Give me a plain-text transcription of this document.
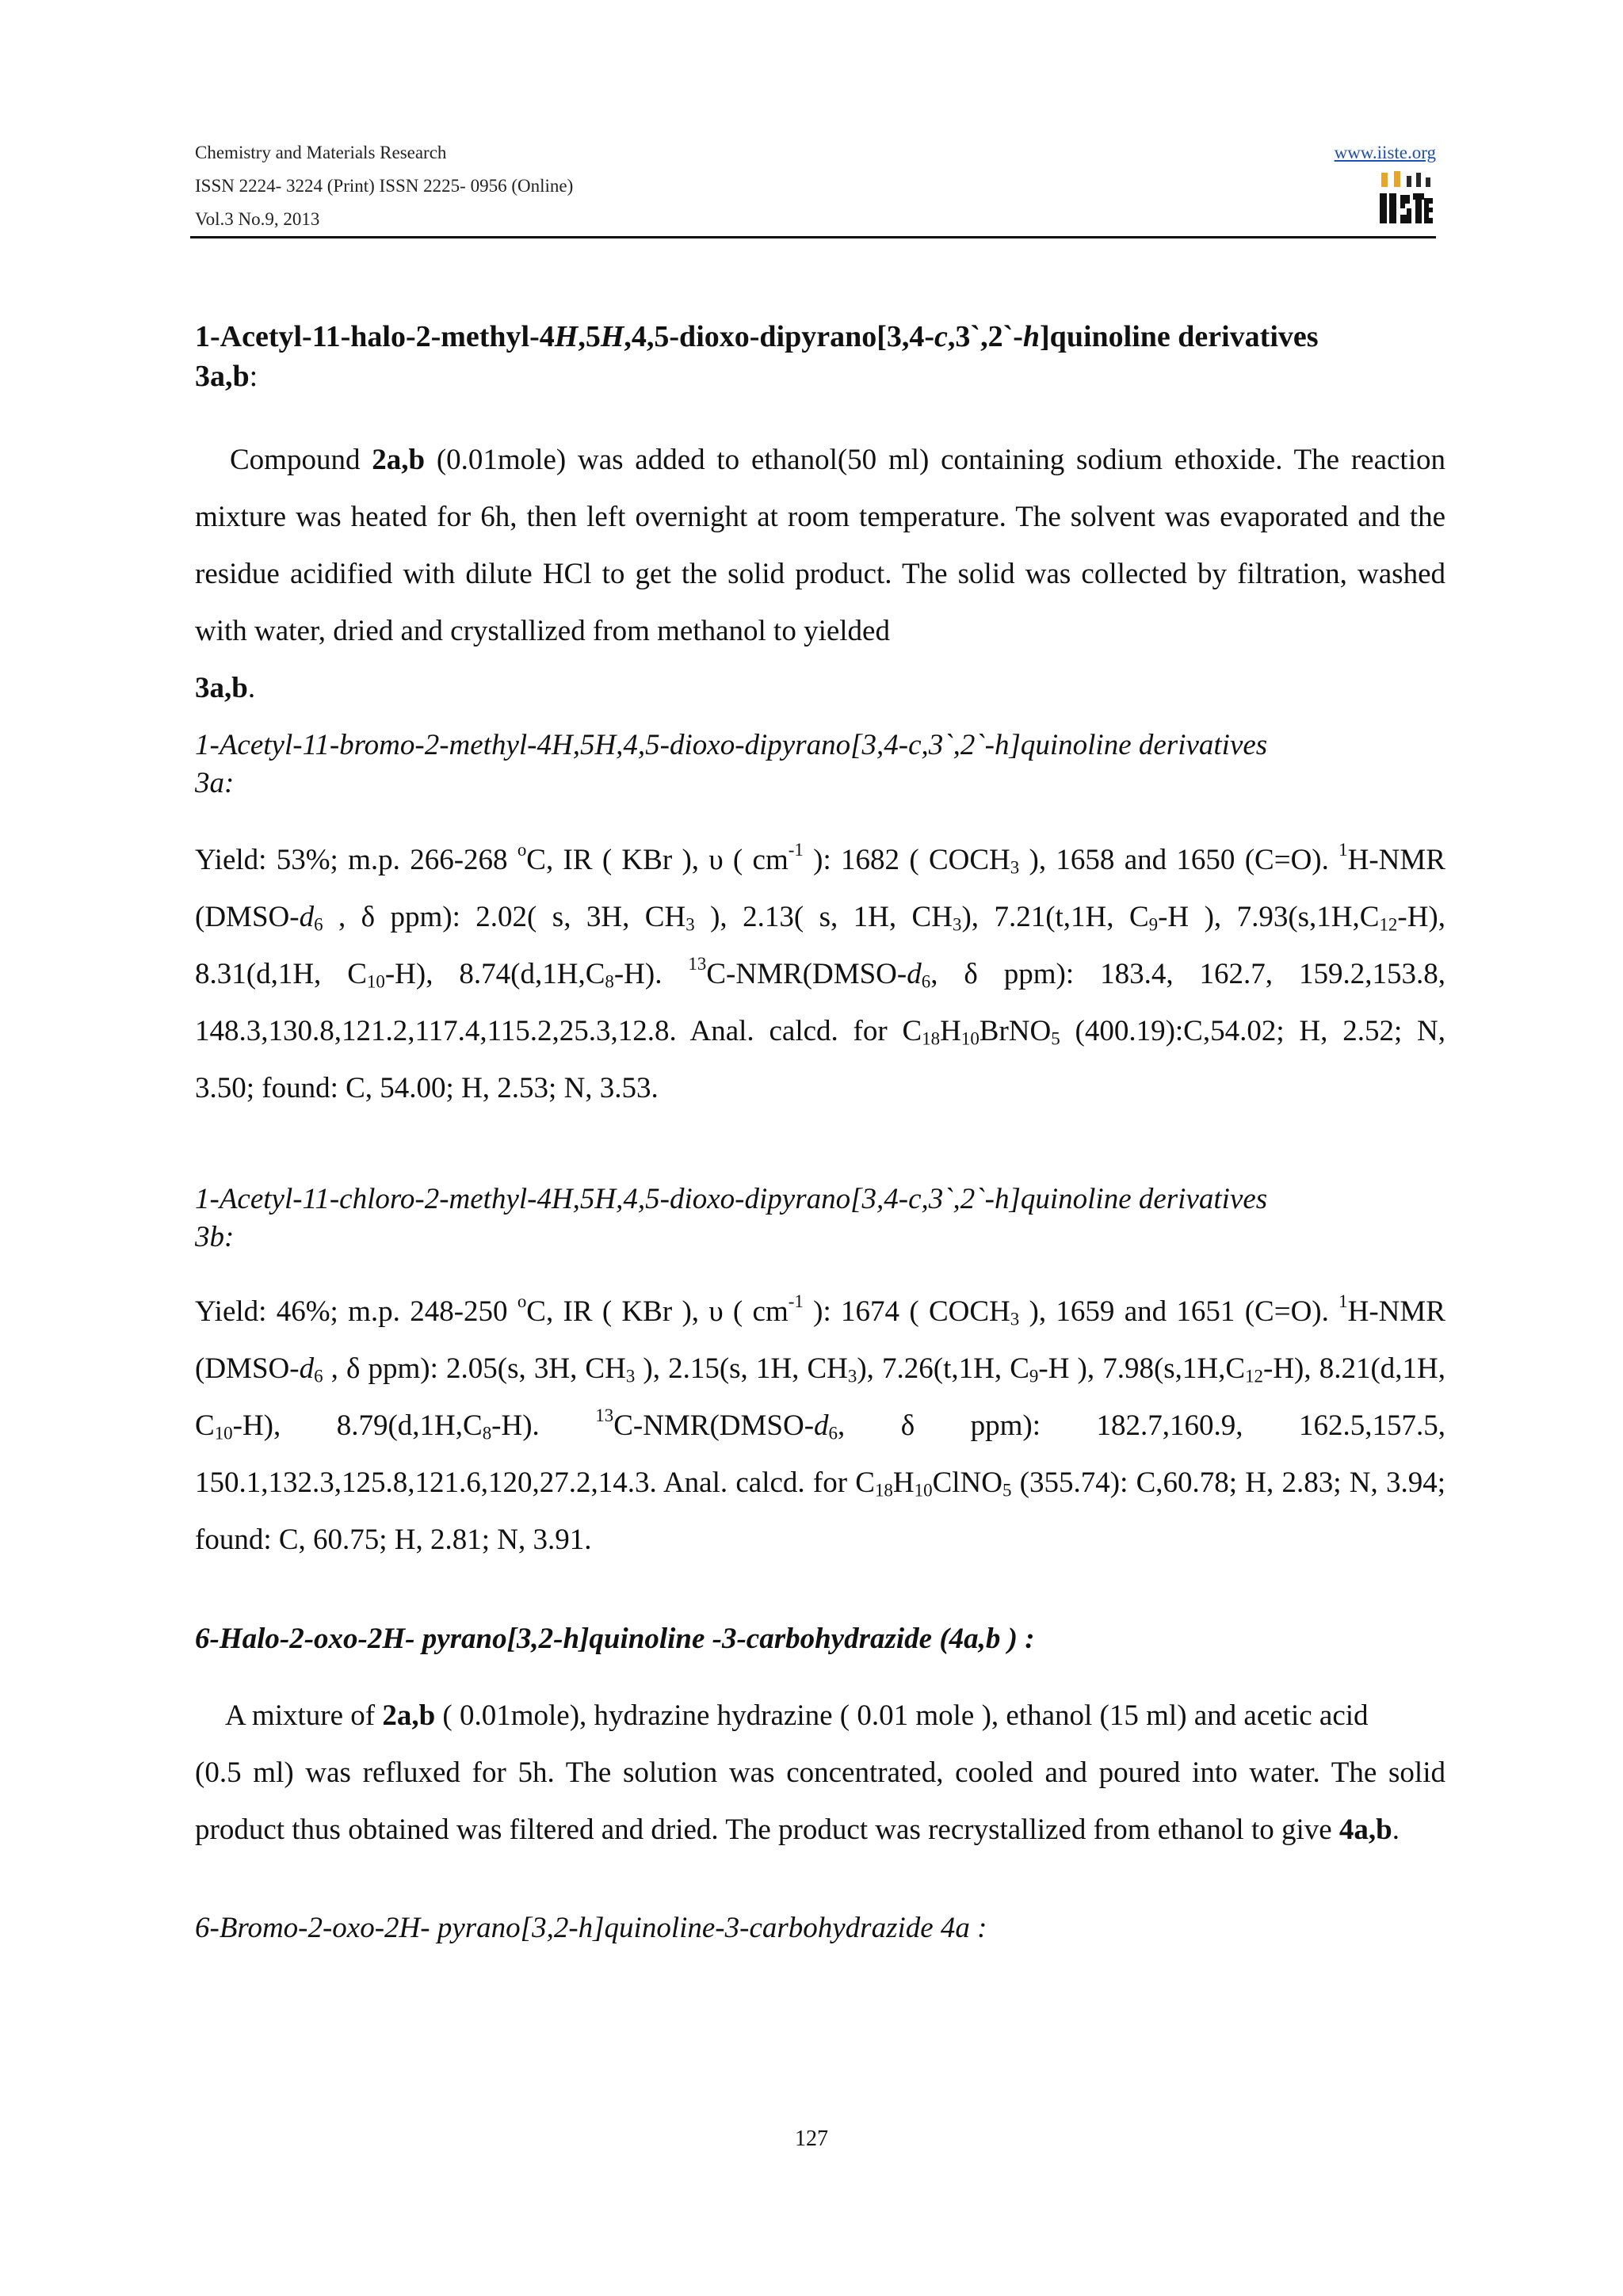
Chemistry and Materials Research
ISSN 2224- 3224 (Print) ISSN 2225- 0956 (Online)
Vol.3 No.9, 2013
www.iiste.org
1-Acetyl-11-halo-2-methyl-4H,5H,4,5-dioxo-dipyrano[3,4-c,3`,2`-h]quinoline derivatives
3a,b:
Compound 2a,b (0.01mole) was added to ethanol(50 ml) containing sodium ethoxide. The reaction mixture was heated for 6h, then left overnight at room temperature. The solvent was evaporated and the residue acidified with dilute HCl to get the solid product. The solid was collected by filtration, washed with water, dried and crystallized from methanol to yielded
3a,b.
1-Acetyl-11-bromo-2-methyl-4H,5H,4,5-dioxo-dipyrano[3,4-c,3`,2`-h]quinoline derivatives
3a:
Yield: 53%; m.p. 266-268 $^o$C, IR ( KBr ), υ ( $cm^{-1}$ ): 1682 ( $COCH_3$ ), 1658 and 1650 (C=O). $^1$H-NMR ($DMSO-d_6$ , δ ppm): 2.02( s, 3H, $CH_3$ ), 2.13( s, 1H, $CH_3$), 7.21(t,1H, $C_9-H$ ), $7.93(s,1H,C_{12}-H)$, 8.31(d,1H, $C_{10}-H$), $8.74(d,1H,C_8-H)$. $^{13}C-NMR(DMSO-d_6$, δ ppm): 183.4, 162.7, 159.2,153.8, 148.3,130.8,121.2,117.4,115.2,25.3,12.8. Anal. calcd. for $C_{18}H_{10}BrNO_5$ (400.19):C,54.02; H, 2.52; N, 3.50; found: C, 54.00; H, 2.53; N, 3.53.
1-Acetyl-11-chloro-2-methyl-4H,5H,4,5-dioxo-dipyrano[3,4-c,3`,2`-h]quinoline derivatives
3b:
Yield: 46%; m.p. 248-250 $^o$C, IR ( KBr ), υ ( $cm^{-1}$ ): 1674 ( $COCH_3$ ), 1659 and 1651 (C=O). $^1$H-NMR ($DMSO-d_6$ , δ ppm): 2.05(s, 3H, $CH_3$ ), 2.15(s, 1H, $CH_3$), 7.26(t,1H, $C_9-H$ ), $7.98(s,1H,C_{12}-H)$, 8.21(d,1H, $C_{10}-H$), $8.79(d,1H,C_8-H)$. $^{13}C-NMR(DMSO-d_6$, δ ppm): 182.7,160.9, 162.5,157.5, 150.1,132.3,125.8,121.6,120,27.2,14.3. Anal. calcd. for $C_{18}H_{10}ClNO_5$ (355.74): C,60.78; H, 2.83; N, 3.94; found: C, 60.75; H, 2.81; N, 3.91.
6-Halo-2-oxo-2H- pyrano[3,2-h]quinoline -3-carbohydrazide (4a,b ) :
A mixture of 2a,b ( 0.01mole), hydrazine hydrazine ( 0.01 mole ), ethanol (15 ml) and acetic acid
(0.5 ml) was refluxed for 5h. The solution was concentrated, cooled and poured into water. The solid product thus obtained was filtered and dried. The product was recrystallized from ethanol to give 4a,b.
6-Bromo-2-oxo-2H- pyrano[3,2-h]quinoline-3-carbohydrazide 4a :
127
